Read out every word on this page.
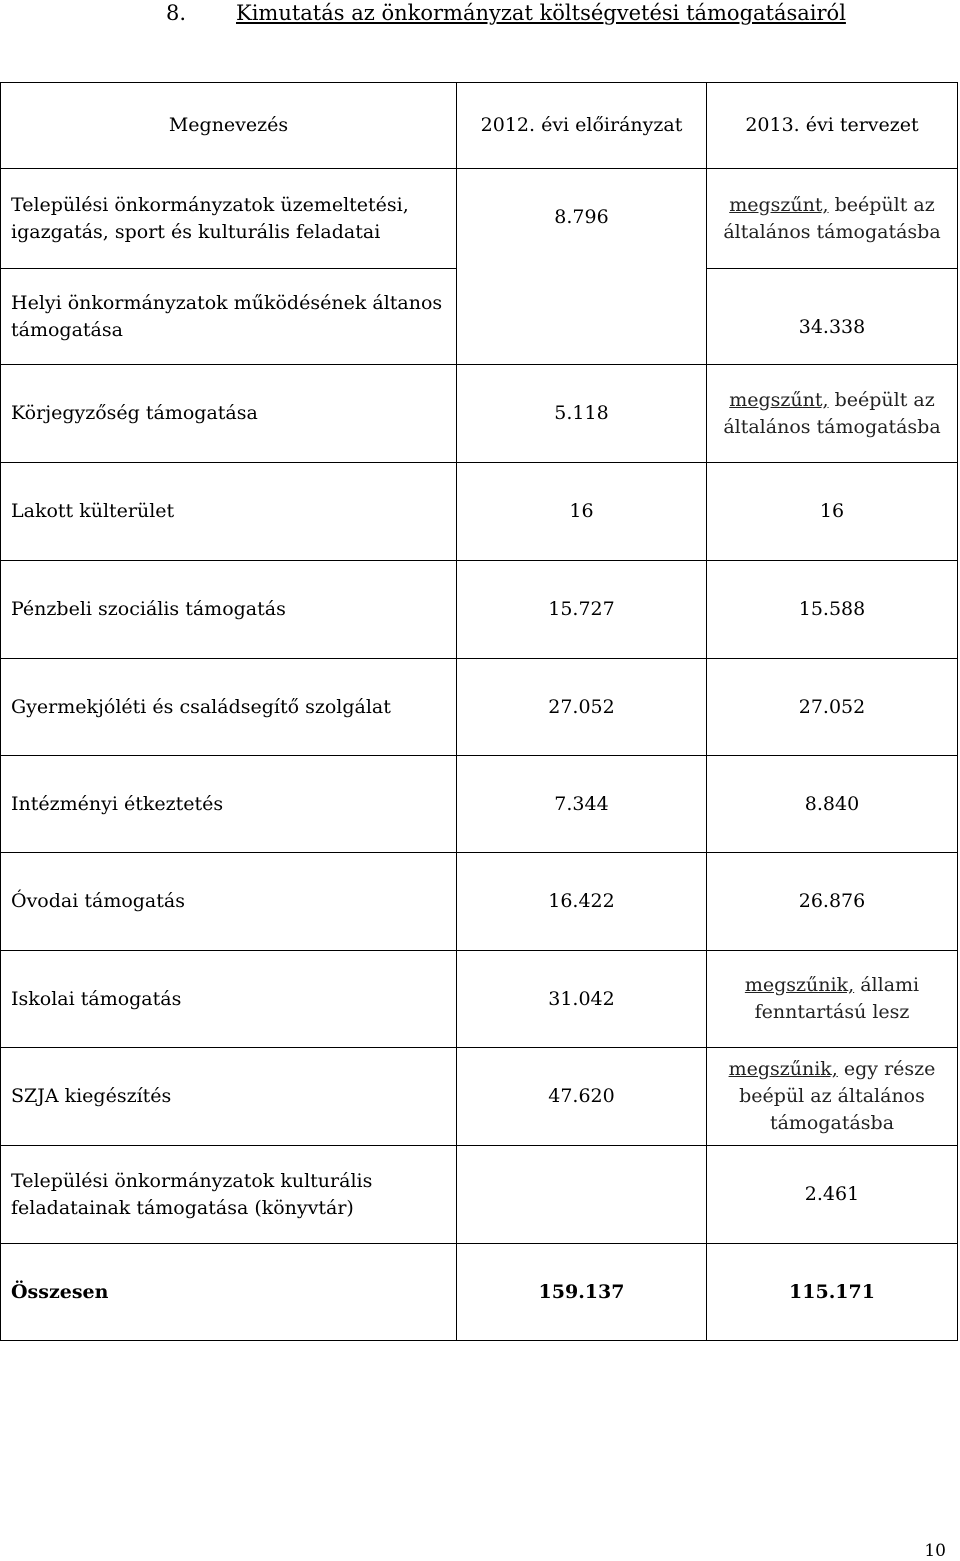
8. Kimutatás az önkormányzat költségvetési támogatásairól
Megnevezés	2012. évi előirányzat	2013. évi tervezet
Települési önkormányzatok üzemeltetési, igazgatás, sport és kulturális feladatai	8.796	megszűnt, beépült az általános támogatásba
Helyi önkormányzatok működésének áltanos támogatása		34.338
Körjegyzőség támogatása	5.118	megszűnt, beépült az általános támogatásba
Lakott külterület	16	16
Pénzbeli szociális támogatás	15.727	15.588
Gyermekjóléti és családsegítő szolgálat	27.052	27.052
Intézményi étkeztetés	7.344	8.840
Óvodai támogatás	16.422	26.876
Iskolai támogatás	31.042	megszűnik, állami fenntartású lesz
SZJA kiegészítés	47.620	megszűnik, egy része beépül az általános támogatásba
Települési önkormányzatok kulturális feladatainak támogatása (könyvtár)		2.461
Összesen	159.137	115.171
10
